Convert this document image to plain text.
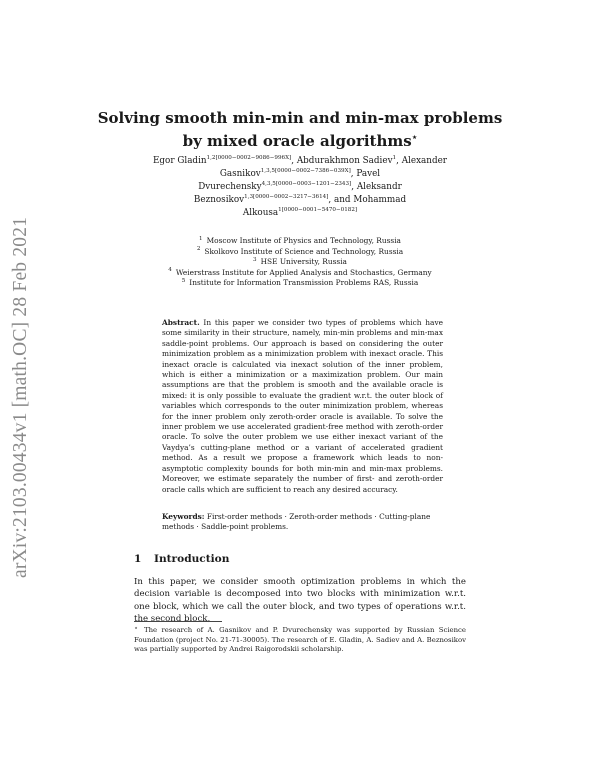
arXiv:2103.00434v1 [math.OC] 28 Feb 2021
Solving smooth min-min and min-max problems
by mixed oracle algorithms⋆
Egor Gladin$^{1,2[0000-0002-9086-996X]}$, Abdurakhmon Sadiev$^1$, Alexander Gasnikov$^{1,3,5[0000-0002-7386-039X]}$, Pavel Dvurechensky$^{4,3,5[0000-0003-1201-2343]}$, Aleksandr Beznosikov$^{1,3[0000-0002-3217-3614]}$, and Mohammad Alkousa$^{1[0000-0001-5470-0182]}$
$^1$ Moscow Institute of Physics and Technology, Russia
$^2$ Skolkovo Institute of Science and Technology, Russia
$^3$ HSE University, Russia
$^4$ Weierstrass Institute for Applied Analysis and Stochastics, Germany
$^5$ Institute for Information Transmission Problems RAS, Russia
Abstract. In this paper we consider two types of problems which have some similarity in their structure, namely, min-min problems and min-max saddle-point problems. Our approach is based on considering the outer minimization problem as a minimization problem with inexact oracle. This inexact oracle is calculated via inexact solution of the inner problem, which is either a minimization or a maximization problem. Our main assumptions are that the problem is smooth and the available oracle is mixed: it is only possible to evaluate the gradient w.r.t. the outer block of variables which corresponds to the outer minimization problem, whereas for the inner problem only zeroth-order oracle is available. To solve the inner problem we use accelerated gradient-free method with zeroth-order oracle. To solve the outer problem we use either inexact variant of the Vaydya’s cutting-plane method or a variant of accelerated gradient method. As a result we propose a framework which leads to non-asymptotic complexity bounds for both min-min and min-max problems. Moreover, we estimate separately the number of first- and zeroth-order oracle calls which are sufficient to reach any desired accuracy.
Keywords: First-order methods · Zeroth-order methods · Cutting-plane methods · Saddle-point problems.
1 Introduction
In this paper, we consider smooth optimization problems in which the decision variable is decomposed into two blocks with minimization w.r.t. one block, which we call the outer block, and two types of operations w.r.t. the second block,
⋆ The research of A. Gasnikov and P. Dvurechensky was supported by Russian Science Foundation (project No. 21-71-30005). The research of E. Gladin, A. Sadiev and A. Beznosikov was partially supported by Andrei Raigorodskii scholarship.
